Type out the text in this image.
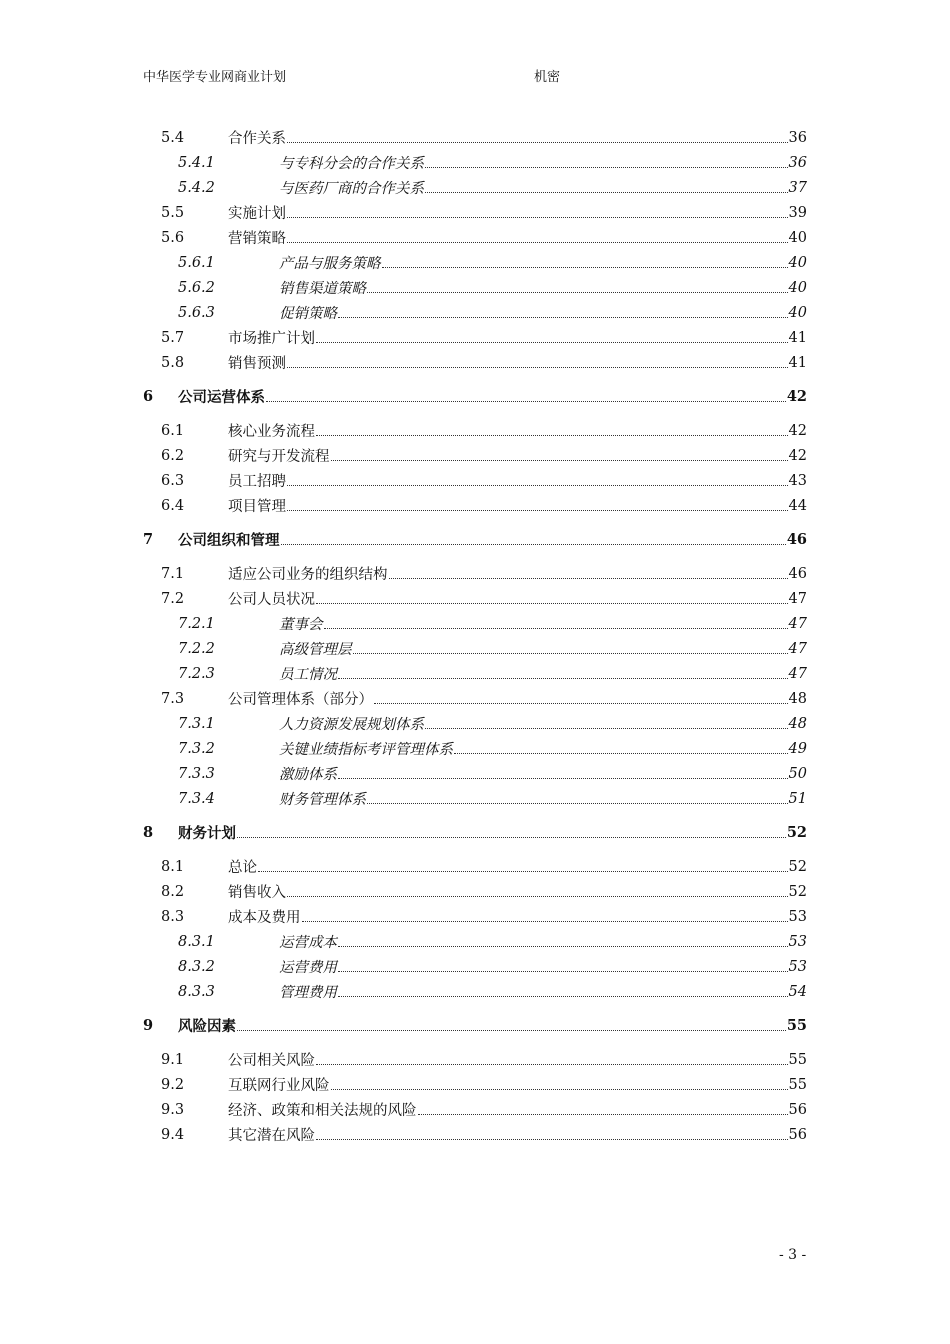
中华医学专业网商业计划	机密
5.4	合作关系	36
5.4.1	与专科分会的合作关系	36
5.4.2	与医药厂商的合作关系	37
5.5	实施计划	39
5.6	营销策略	40
5.6.1	产品与服务策略	40
5.6.2	销售渠道策略	40
5.6.3	促销策略	40
5.7	市场推广计划	41
5.8	销售预测	41
6	公司运营体系	42
6.1	核心业务流程	42
6.2	研究与开发流程	42
6.3	员工招聘	43
6.4	项目管理	44
7	公司组织和管理	46
7.1	适应公司业务的组织结构	46
7.2	公司人员状况	47
7.2.1	董事会	47
7.2.2	高级管理层	47
7.2.3	员工情况	47
7.3	公司管理体系（部分）	48
7.3.1	人力资源发展规划体系	48
7.3.2	关键业绩指标考评管理体系	49
7.3.3	激励体系	50
7.3.4	财务管理体系	51
8	财务计划	52
8.1	总论	52
8.2	销售收入	52
8.3	成本及费用	53
8.3.1	运营成本	53
8.3.2	运营费用	53
8.3.3	管理费用	54
9	风险因素	55
9.1	公司相关风险	55
9.2	互联网行业风险	55
9.3	经济、政策和相关法规的风险	56
9.4	其它潜在风险	56
- 3 -
